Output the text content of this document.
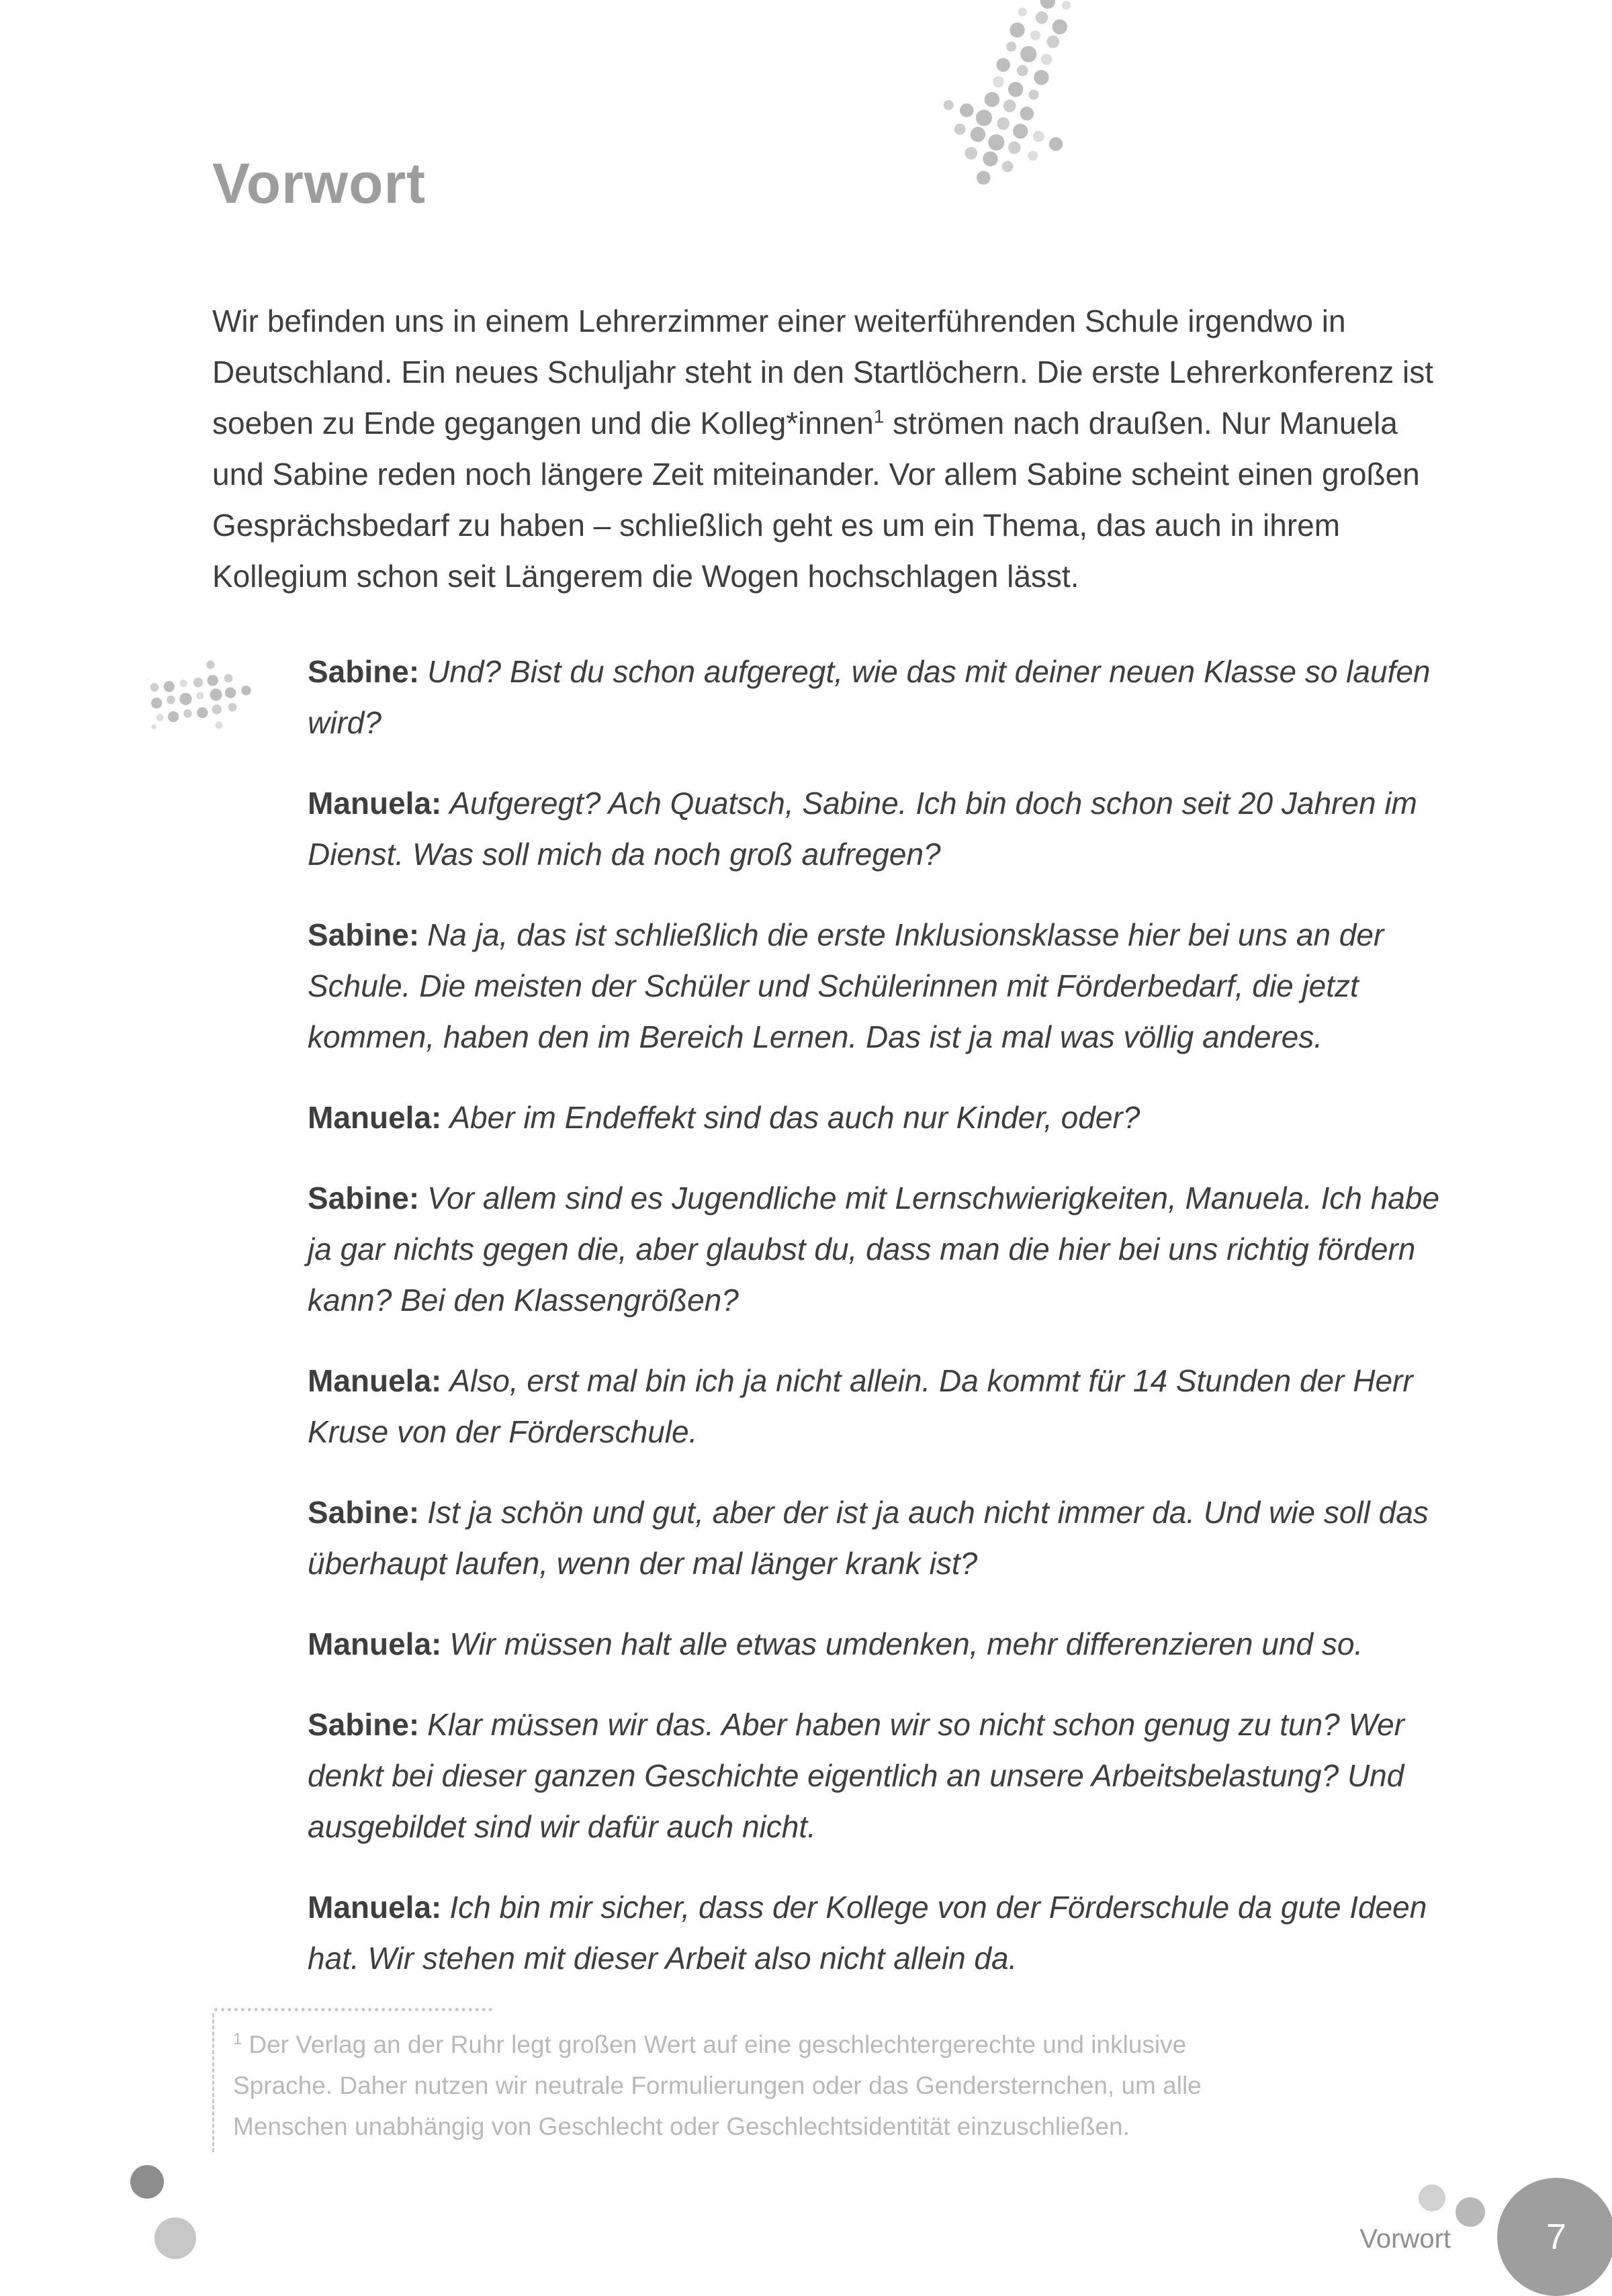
Vorwort

Wir befinden uns in einem Lehrerzimmer einer weiterführenden Schule irgendwo in Deutschland. Ein neues Schuljahr steht in den Startlöchern. Die erste Lehrerkonferenz ist soeben zu Ende gegangen und die Kolleg*innen$^1$ strömen nach draußen. Nur Manuela und Sabine reden noch längere Zeit miteinander. Vor allem Sabine scheint einen großen Gesprächsbedarf zu haben – schließlich geht es um ein Thema, das auch in ihrem Kollegium schon seit Längerem die Wogen hochschlagen lässt.

Sabine: Und? Bist du schon aufgeregt, wie das mit deiner neuen Klasse so laufen wird?

Manuela: Aufgeregt? Ach Quatsch, Sabine. Ich bin doch schon seit 20 Jahren im Dienst. Was soll mich da noch groß aufregen?

Sabine: Na ja, das ist schließlich die erste Inklusionsklasse hier bei uns an der Schule. Die meisten der Schüler und Schülerinnen mit Förderbedarf, die jetzt kommen, haben den im Bereich Lernen. Das ist ja mal was völlig anderes.

Manuela: Aber im Endeffekt sind das auch nur Kinder, oder?

Sabine: Vor allem sind es Jugendliche mit Lernschwierigkeiten, Manuela. Ich habe ja gar nichts gegen die, aber glaubst du, dass man die hier bei uns richtig fördern kann? Bei den Klassengrößen?

Manuela: Also, erst mal bin ich ja nicht allein. Da kommt für 14 Stunden der Herr Kruse von der Förderschule.

Sabine: Ist ja schön und gut, aber der ist ja auch nicht immer da. Und wie soll das überhaupt laufen, wenn der mal länger krank ist?

Manuela: Wir müssen halt alle etwas umdenken, mehr differenzieren und so.

Sabine: Klar müssen wir das. Aber haben wir so nicht schon genug zu tun? Wer denkt bei dieser ganzen Geschichte eigentlich an unsere Arbeitsbelastung? Und ausgebildet sind wir dafür auch nicht.

Manuela: Ich bin mir sicher, dass der Kollege von der Förderschule da gute Ideen hat. Wir stehen mit dieser Arbeit also nicht allein da.

$^1$ Der Verlag an der Ruhr legt großen Wert auf eine geschlechtergerechte und inklusive Sprache. Daher nutzen wir neutrale Formulierungen oder das Gendersternchen, um alle Menschen unabhängig von Geschlecht oder Geschlechtsidentität einzuschließen.
Vorwort	7
